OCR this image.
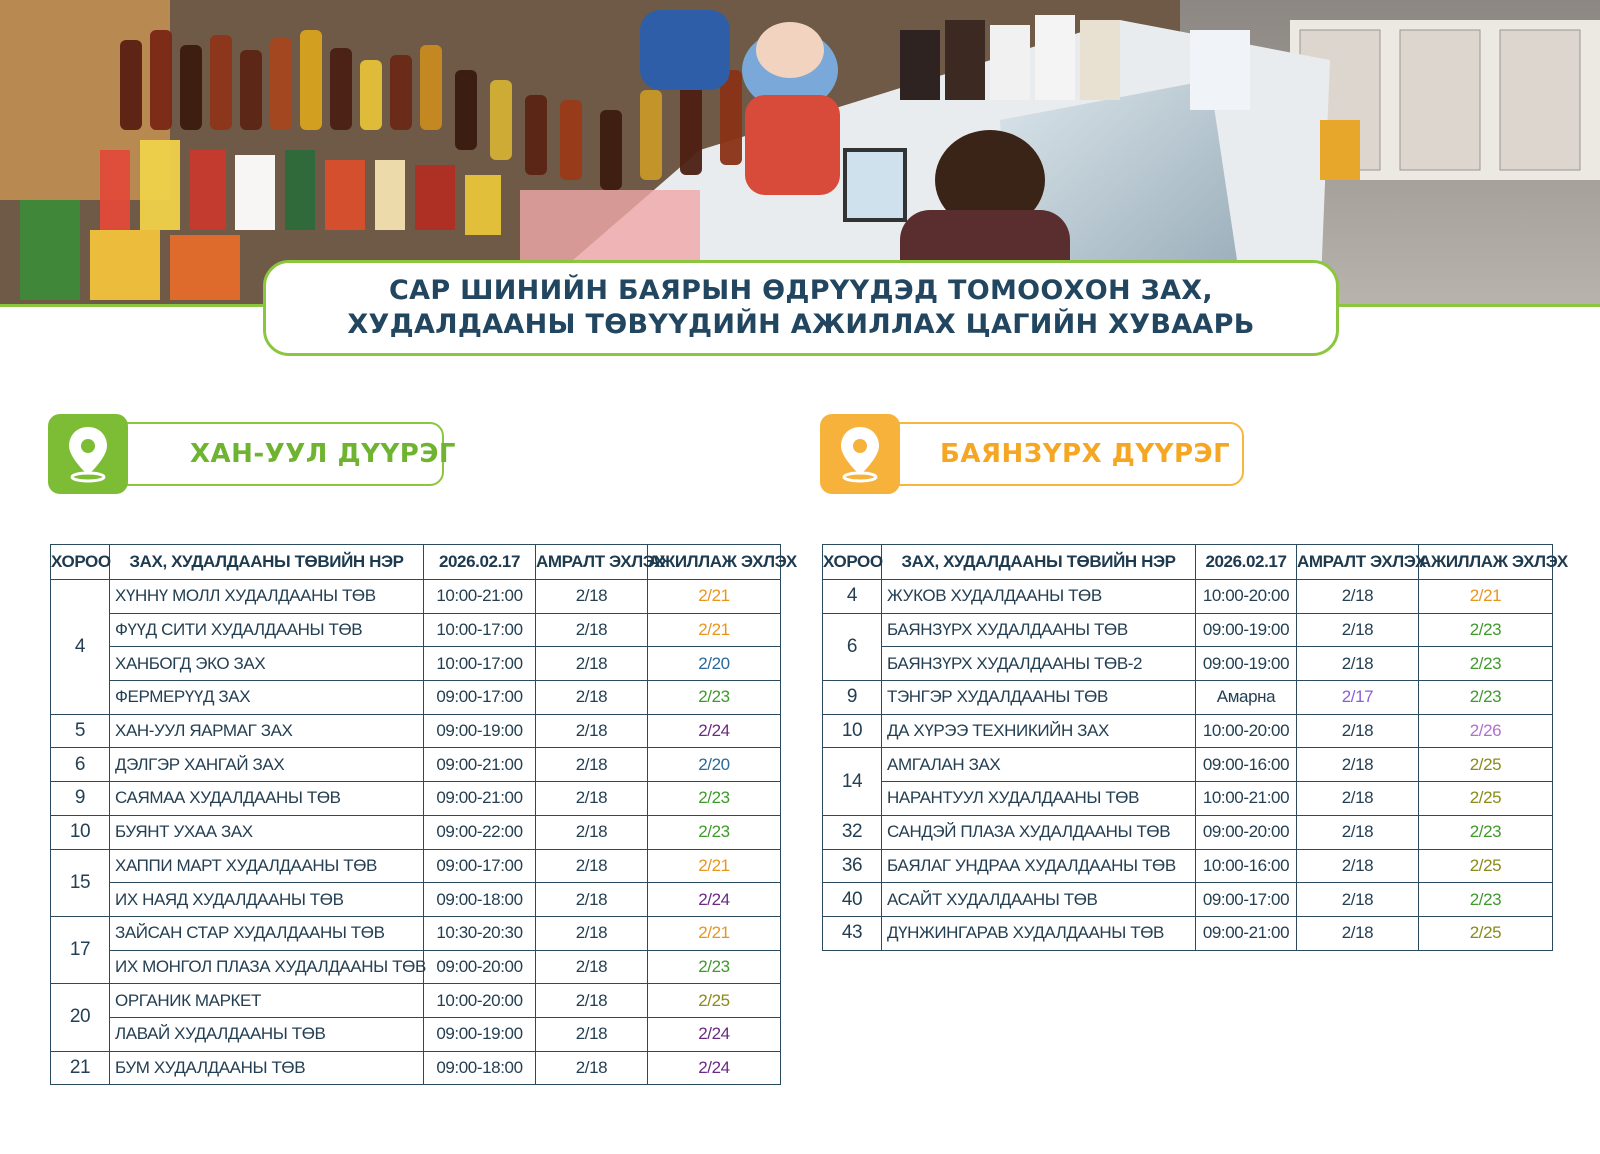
САР ШИНИЙН БАЯРЫН ӨДРҮҮДЭД ТОМООХОН ЗАХ,
ХУДАЛДААНЫ ТӨВҮҮДИЙН АЖИЛЛАХ ЦАГИЙН ХУВААРЬ
ХАН-УУЛ ДҮҮРЭГ	БАЯНЗҮРХ ДҮҮРЭГ
ХОРОО	ЗАХ, ХУДАЛДААНЫ ТӨВИЙН НЭР	2026.02.17	АМРАЛТ ЭХЛЭХ	АЖИЛЛАЖ ЭХЛЭХ
4	ХҮННҮ МОЛЛ ХУДАЛДААНЫ ТӨВ	10:00-21:00	2/18	2/21
	ФҮҮД СИТИ ХУДАЛДААНЫ ТӨВ	10:00-17:00	2/18	2/21
	ХАНБОГД ЭКО ЗАХ	10:00-17:00	2/18	2/20
	ФЕРМЕРҮҮД ЗАХ	09:00-17:00	2/18	2/23
5	ХАН-УУЛ ЯАРМАГ ЗАХ	09:00-19:00	2/18	2/24
6	ДЭЛГЭР ХАНГАЙ ЗАХ	09:00-21:00	2/18	2/20
9	САЯМАА ХУДАЛДААНЫ ТӨВ	09:00-21:00	2/18	2/23
10	БУЯНТ УХАА ЗАХ	09:00-22:00	2/18	2/23
15	ХАППИ МАРТ ХУДАЛДААНЫ ТӨВ	09:00-17:00	2/18	2/21
	ИХ НАЯД ХУДАЛДААНЫ ТӨВ	09:00-18:00	2/18	2/24
17	ЗАЙСАН СТАР ХУДАЛДААНЫ ТӨВ	10:30-20:30	2/18	2/21
	ИХ МОНГОЛ ПЛАЗА ХУДАЛДААНЫ ТӨВ	09:00-20:00	2/18	2/23
20	ОРГАНИК МАРКЕТ	10:00-20:00	2/18	2/25
	ЛАВАЙ ХУДАЛДААНЫ ТӨВ	09:00-19:00	2/18	2/24
21	БУМ ХУДАЛДААНЫ ТӨВ	09:00-18:00	2/18	2/24
ХОРОО	ЗАХ, ХУДАЛДААНЫ ТӨВИЙН НЭР	2026.02.17	АМРАЛТ ЭХЛЭХ	АЖИЛЛАЖ ЭХЛЭХ
4	ЖУКОВ ХУДАЛДААНЫ ТӨВ	10:00-20:00	2/18	2/21
6	БАЯНЗҮРХ ХУДАЛДААНЫ ТӨВ	09:00-19:00	2/18	2/23
	БАЯНЗҮРХ ХУДАЛДААНЫ ТӨВ-2	09:00-19:00	2/18	2/23
9	ТЭНГЭР ХУДАЛДААНЫ ТӨВ	Амарна	2/17	2/23
10	ДА ХҮРЭЭ ТЕХНИКИЙН ЗАХ	10:00-20:00	2/18	2/26
14	АМГАЛАН ЗАХ	09:00-16:00	2/18	2/25
	НАРАНТУУЛ ХУДАЛДААНЫ ТӨВ	10:00-21:00	2/18	2/25
32	САНДЭЙ ПЛАЗА ХУДАЛДААНЫ ТӨВ	09:00-20:00	2/18	2/23
36	БАЯЛАГ УНДРАА ХУДАЛДААНЫ ТӨВ	10:00-16:00	2/18	2/25
40	АСАЙТ ХУДАЛДААНЫ ТӨВ	09:00-17:00	2/18	2/23
43	ДҮНЖИНГАРАВ ХУДАЛДААНЫ ТӨВ	09:00-21:00	2/18	2/25
